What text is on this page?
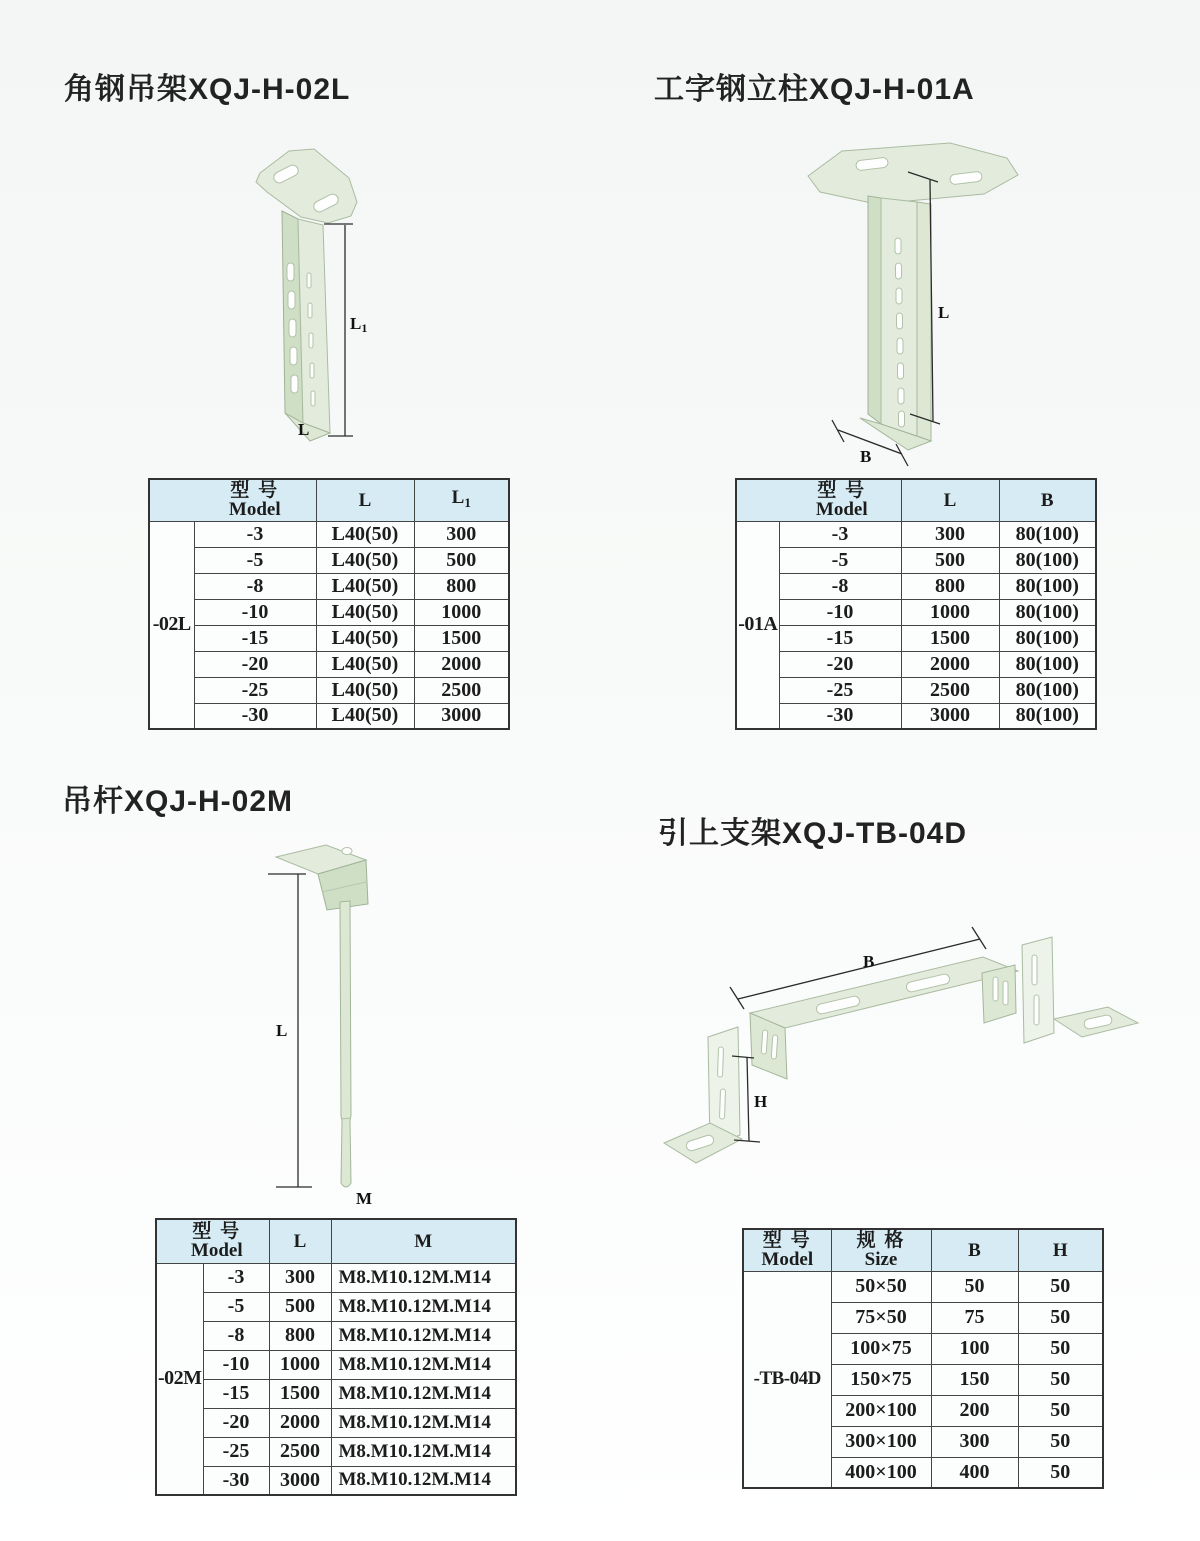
角钢吊架XQJ-H-02L	工字钢立柱XQJ-H-01A
吊杆XQJ-H-02M
引上支架XQJ-TB-04D
L1
L
L
B
L
M
B
H
型 号
Model		L	$L_1$
-02L	-3	L40(50)	300
	-5	L40(50)	500
	-8	L40(50)	800
	-10	L40(50)	1000
	-15	L40(50)	1500
	-20	L40(50)	2000
	-25	L40(50)	2500
	-30	L40(50)	3000
型 号
Model		L	B
-01A	-3	300	80(100)
	-5	500	80(100)
	-8	800	80(100)
	-10	1000	80(100)
	-15	1500	80(100)
	-20	2000	80(100)
	-25	2500	80(100)
	-30	3000	80(100)
型 号
Model		L	M
-02M	-3	300	M8.M10.12M.M14
	-5	500	M8.M10.12M.M14
	-8	800	M8.M10.12M.M14
	-10	1000	M8.M10.12M.M14
	-15	1500	M8.M10.12M.M14
	-20	2000	M8.M10.12M.M14
	-25	2500	M8.M10.12M.M14
	-30	3000	M8.M10.12M.M14
型 号
Model	规 格
Size	B	H
-TB-04D	50×50	50	50
	75×50	75	50
	100×75	100	50
	150×75	150	50
	200×100	200	50
	300×100	300	50
	400×100	400	50
